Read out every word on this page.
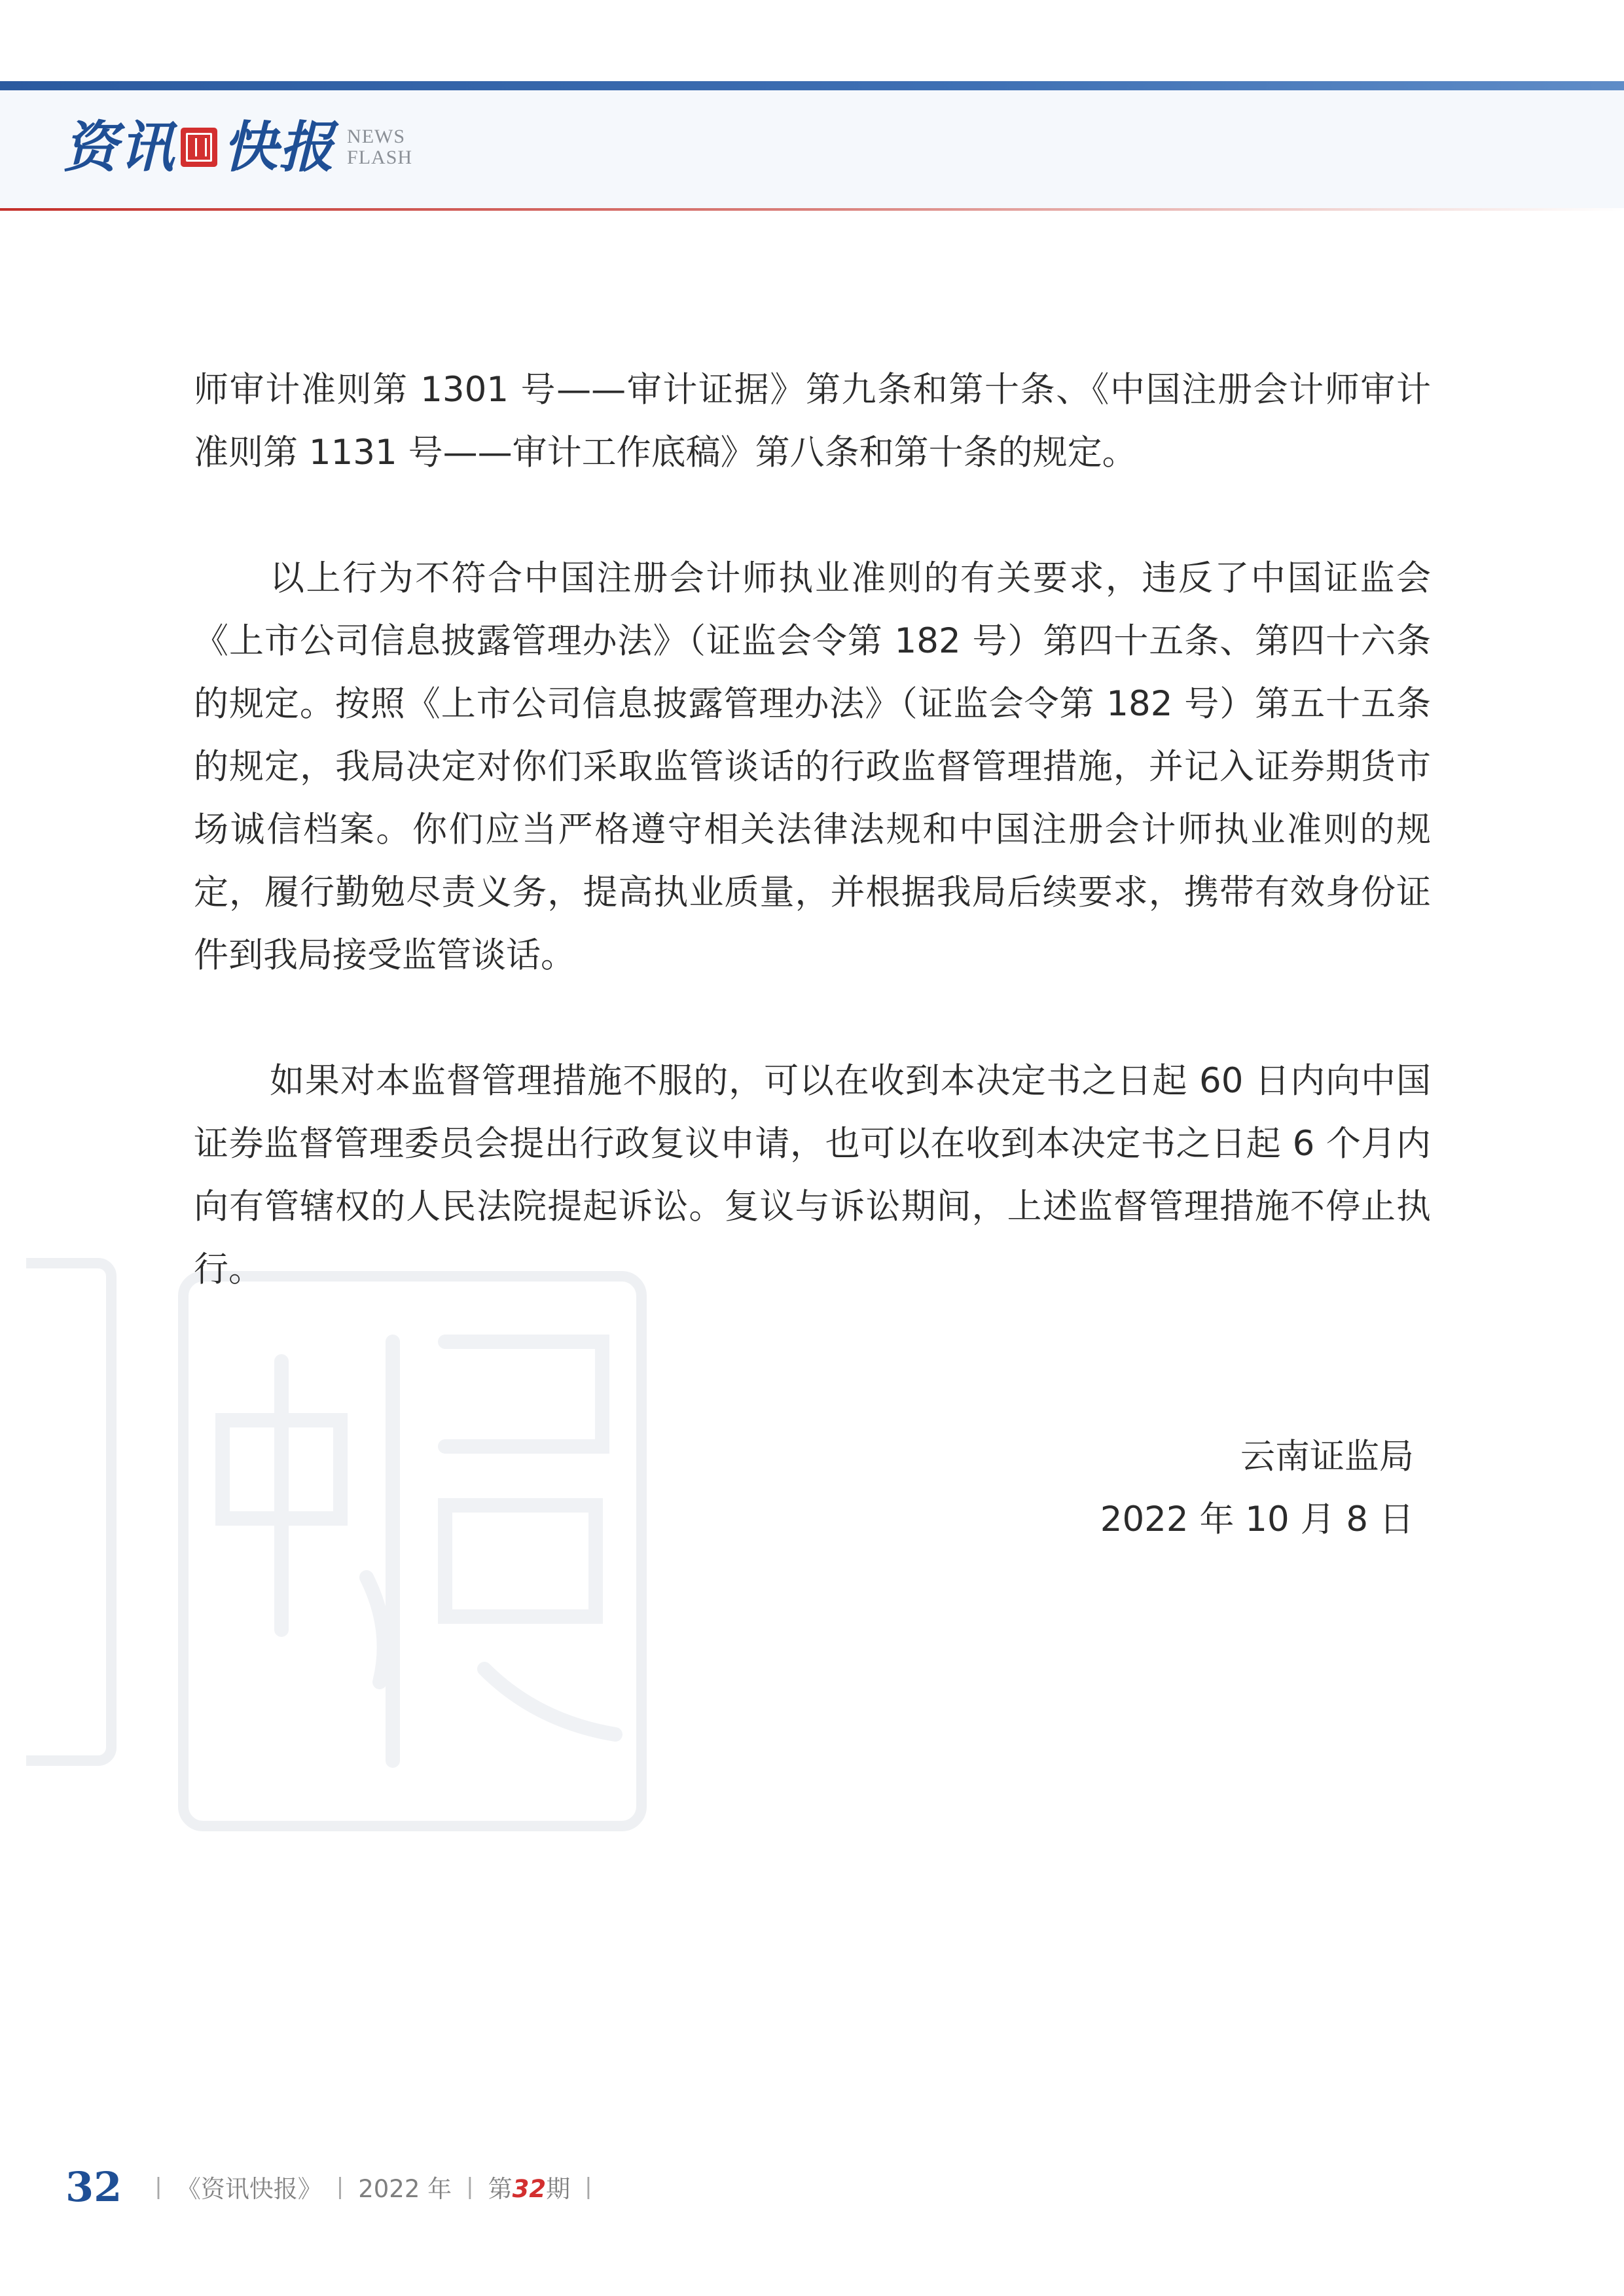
资讯 快报 NEWS
FLASH

师审计准则第 1301 号——审计证据》第九条和第十条、《中国注册会计师审计准则第 1131 号——审计工作底稿》第八条和第十条的规定。

以上行为不符合中国注册会计师执业准则的有关要求，违反了中国证监会《上市公司信息披露管理办法》（证监会令第 182 号）第四十五条、第四十六条的规定。按照《上市公司信息披露管理办法》（证监会令第 182 号）第五十五条的规定，我局决定对你们采取监管谈话的行政监督管理措施，并记入证券期货市场诚信档案。你们应当严格遵守相关法律法规和中国注册会计师执业准则的规定，履行勤勉尽责义务，提高执业质量，并根据我局后续要求，携带有效身份证件到我局接受监管谈话。

如果对本监督管理措施不服的，可以在收到本决定书之日起 60 日内向中国证券监督管理委员会提出行政复议申请，也可以在收到本决定书之日起 6 个月内向有管辖权的人民法院提起诉讼。复议与诉讼期间，上述监督管理措施不停止执行。

云南证监局
2022 年 10 月 8 日
32 | 《资讯快报》 | 2022 年 | 第32期 |
